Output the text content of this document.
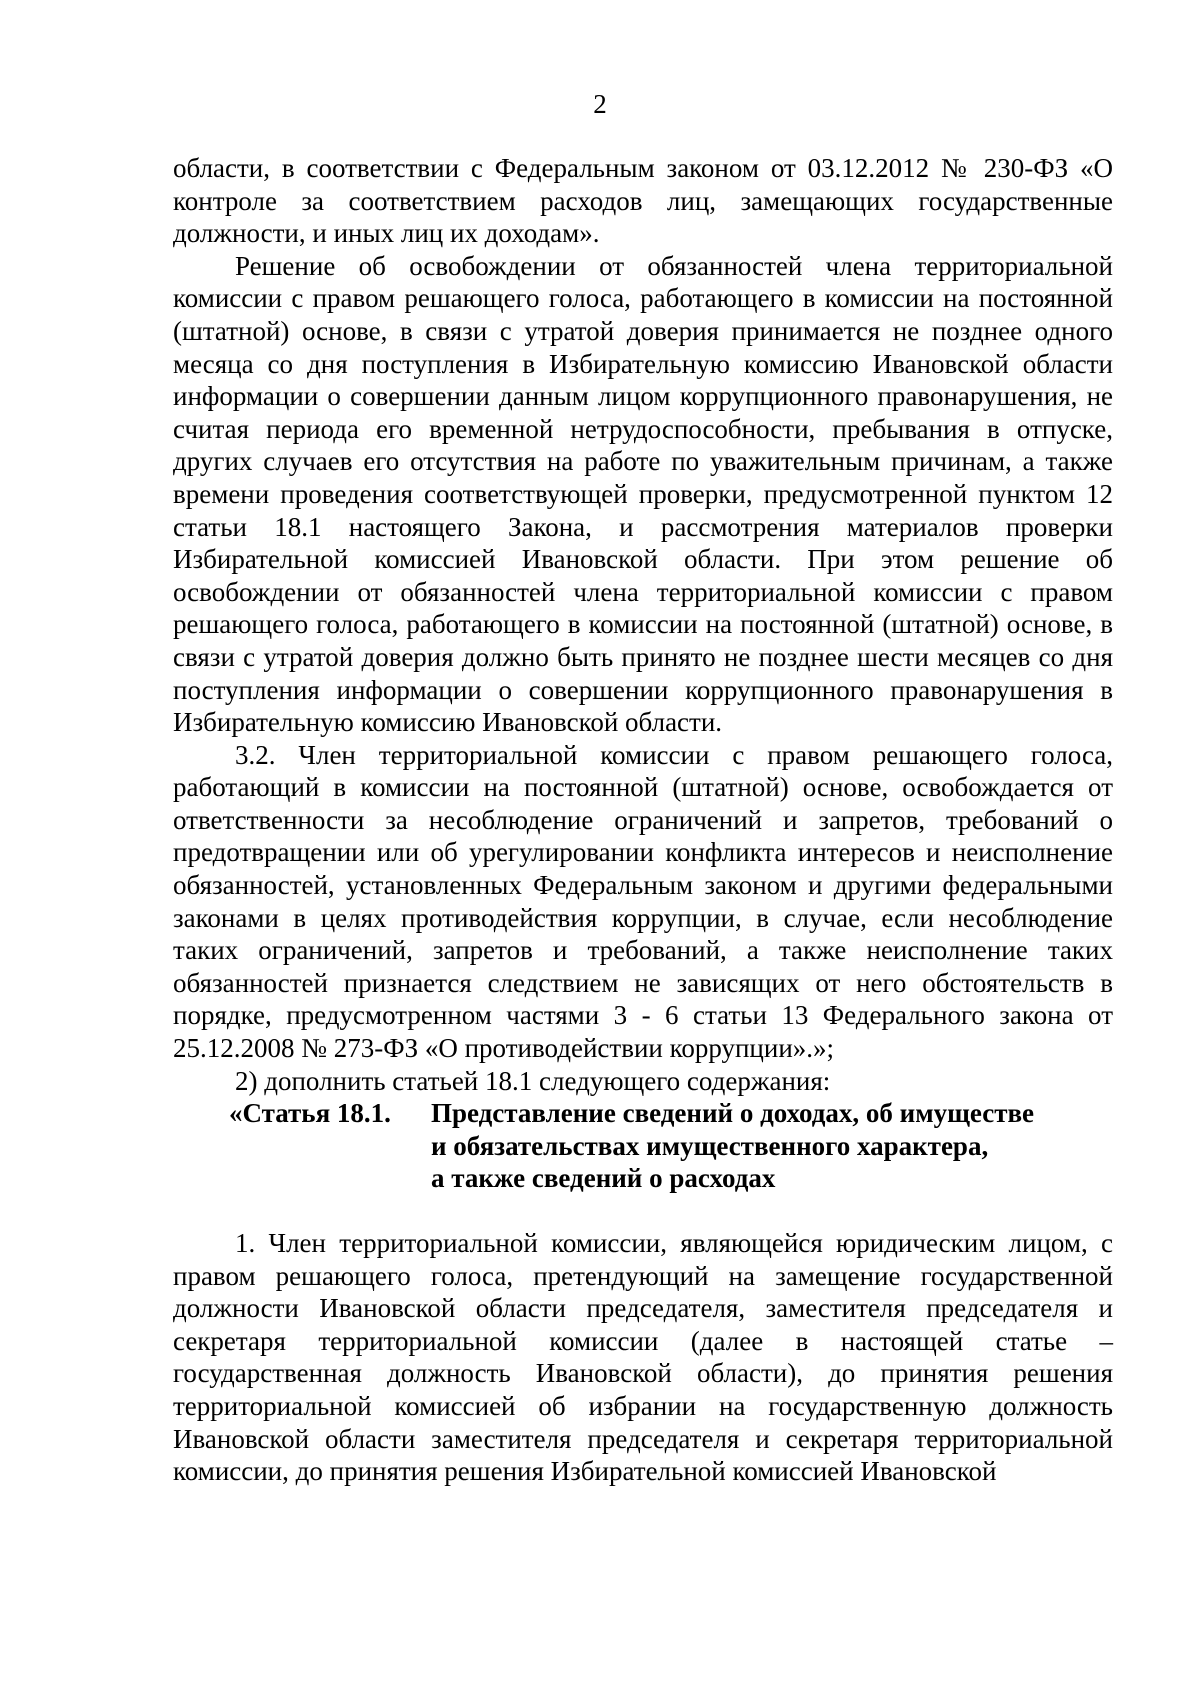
2

области, в соответствии с Федеральным законом от 03.12.2012 № 230-ФЗ «О контроле за соответствием расходов лиц, замещающих государственные должности, и иных лиц их доходам».

Решение об освобождении от обязанностей члена территориальной комиссии с правом решающего голоса, работающего в комиссии на постоянной (штатной) основе, в связи с утратой доверия принимается не позднее одного месяца со дня поступления в Избирательную комиссию Ивановской области информации о совершении данным лицом коррупционного правонарушения, не считая периода его временной нетрудоспособности, пребывания в отпуске, других случаев его отсутствия на работе по уважительным причинам, а также времени проведения соответствующей проверки, предусмотренной пунктом 12 статьи 18.1 настоящего Закона, и рассмотрения материалов проверки Избирательной комиссией Ивановской области. При этом решение об освобождении от обязанностей члена территориальной комиссии с правом решающего голоса, работающего в комиссии на постоянной (штатной) основе, в связи с утратой доверия должно быть принято не позднее шести месяцев со дня поступления информации о совершении коррупционного правонарушения в Избирательную комиссию Ивановской области.

3.2. Член территориальной комиссии с правом решающего голоса, работающий в комиссии на постоянной (штатной) основе, освобождается от ответственности за несоблюдение ограничений и запретов, требований о предотвращении или об урегулировании конфликта интересов и неисполнение обязанностей, установленных Федеральным законом и другими федеральными законами в целях противодействия коррупции, в случае, если несоблюдение таких ограничений, запретов и требований, а также неисполнение таких обязанностей признается следствием не зависящих от него обстоятельств в порядке, предусмотренном частями 3 - 6 статьи 13 Федерального закона от 25.12.2008 № 273-ФЗ «О противодействии коррупции».»;

2) дополнить статьей 18.1 следующего содержания:

«Статья 18.1.	Представление сведений о доходах, об имуществе
и обязательствах имущественного характера,
а также сведений о расходах

1. Член территориальной комиссии, являющейся юридическим лицом, с правом решающего голоса, претендующий на замещение государственной должности Ивановской области председателя, заместителя председателя и секретаря территориальной комиссии (далее в настоящей статье – государственная должность Ивановской области), до принятия решения территориальной комиссией об избрании на государственную должность Ивановской области заместителя председателя и секретаря территориальной комиссии, до принятия решения Избирательной комиссией Ивановской
